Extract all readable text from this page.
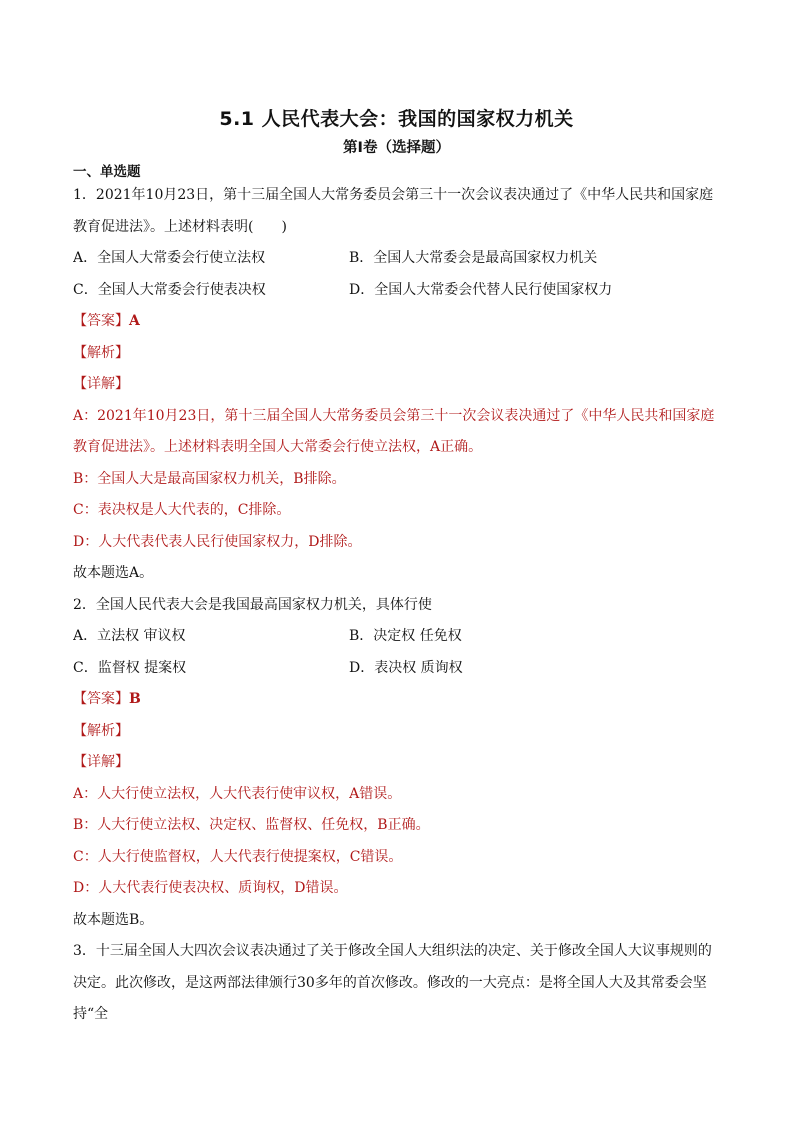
5.1 人民代表大会：我国的国家权力机关
第Ⅰ卷（选择题）
一、单选题
1．2021年10月23日，第十三届全国人大常务委员会第三十一次会议表决通过了《中华人民共和国家庭教育促进法》。上述材料表明(　　)
A．全国人大常委会行使立法权	B．全国人大常委会是最高国家权力机关
C．全国人大常委会行使表决权	D．全国人大常委会代替人民行使国家权力
【答案】A
【解析】
【详解】
A：2021年10月23日，第十三届全国人大常务委员会第三十一次会议表决通过了《中华人民共和国家庭教育促进法》。上述材料表明全国人大常委会行使立法权，A正确。
B：全国人大是最高国家权力机关，B排除。
C：表决权是人大代表的，C排除。
D：人大代表代表人民行使国家权力，D排除。
故本题选A。
2．全国人民代表大会是我国最高国家权力机关，具体行使
A．立法权 审议权	B．决定权 任免权
C．监督权 提案权	D．表决权 质询权
【答案】B
【解析】
【详解】
A：人大行使立法权，人大代表行使审议权，A错误。
B：人大行使立法权、决定权、监督权、任免权，B正确。
C：人大行使监督权，人大代表行使提案权，C错误。
D：人大代表行使表决权、质询权，D错误。
故本题选B。
3．十三届全国人大四次会议表决通过了关于修改全国人大组织法的决定、关于修改全国人大议事规则的决定。此次修改，是这两部法律颁行30多年的首次修改。修改的一大亮点：是将全国人大及其常委会坚持“全
